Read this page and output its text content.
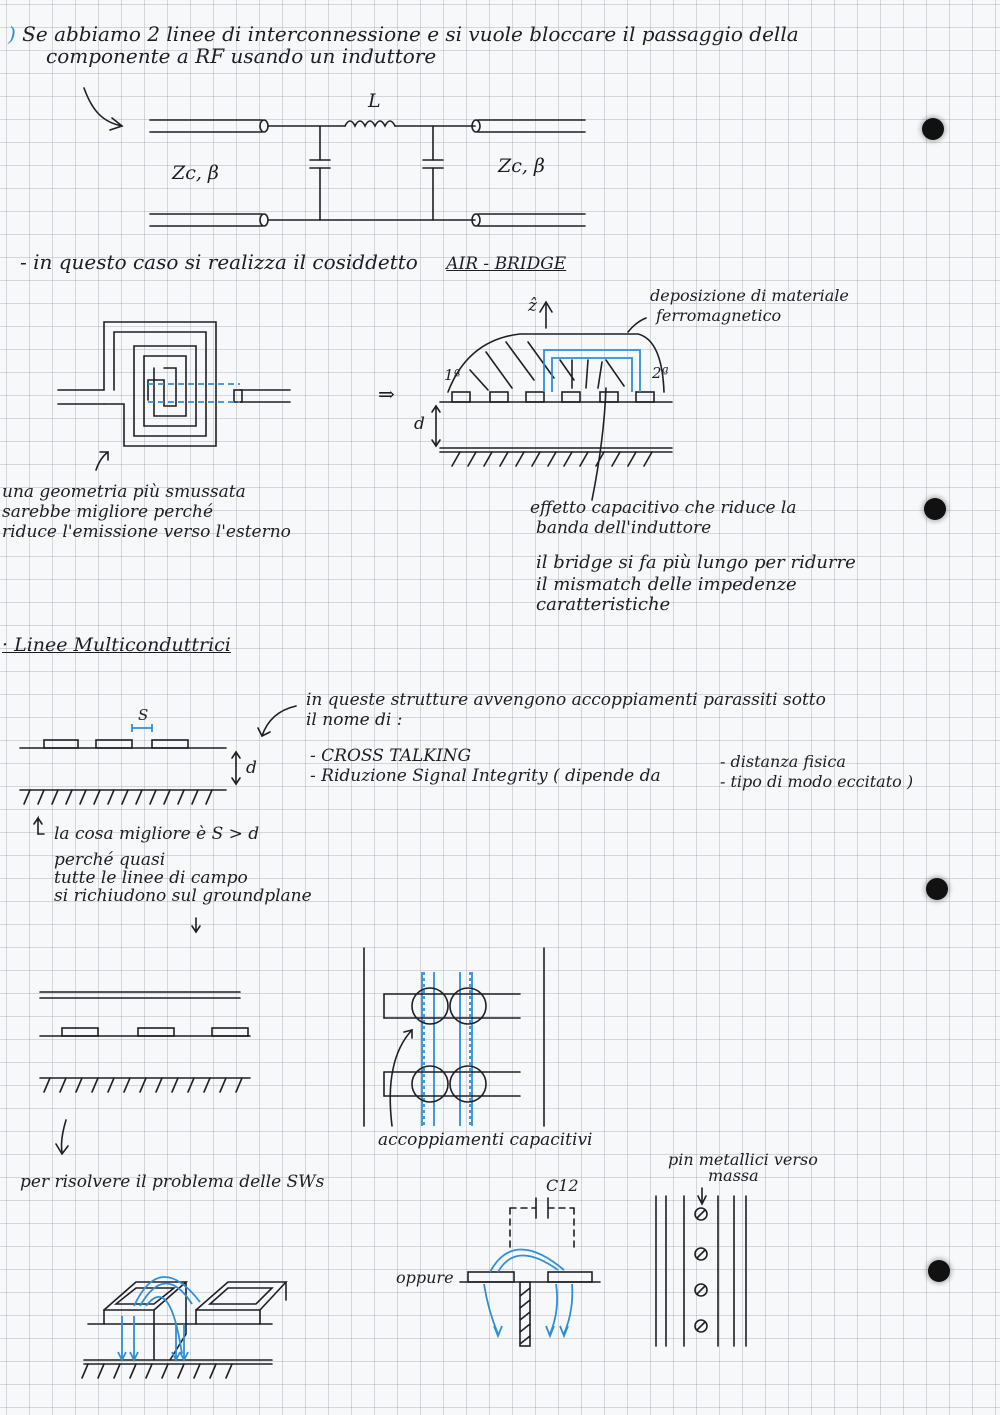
) Se abbiamo 2 linee di interconnessione e si vuole bloccare il passaggio della
componente a RF usando un induttore
L
Zc, β	Zc, β
- in questo caso si realizza il cosiddetto AIR - BRIDGE
una geometria più smussata
sarebbe migliore perché
riduce l'emissione verso l'esterno
⇒
ẑ
deposizione di materiale
ferromagnetico
1ª	2ª
d
effetto capacitivo che riduce la
banda dell'induttore
il bridge si fa più lungo per ridurre
il mismatch delle impedenze
caratteristiche
· Linee Multiconduttrici
S
d
in queste strutture avvengono accoppiamenti parassiti sotto
il nome di :
- CROSS TALKING
- Riduzione Signal Integrity ( dipende da
- distanza fisica
- tipo di modo eccitato )
la cosa migliore è S > d
perché quasi
tutte le linee di campo
si richiudono sul groundplane
accoppiamenti capacitivi
per risolvere il problema delle SWs	C12
oppure
pin metallici verso
massa
